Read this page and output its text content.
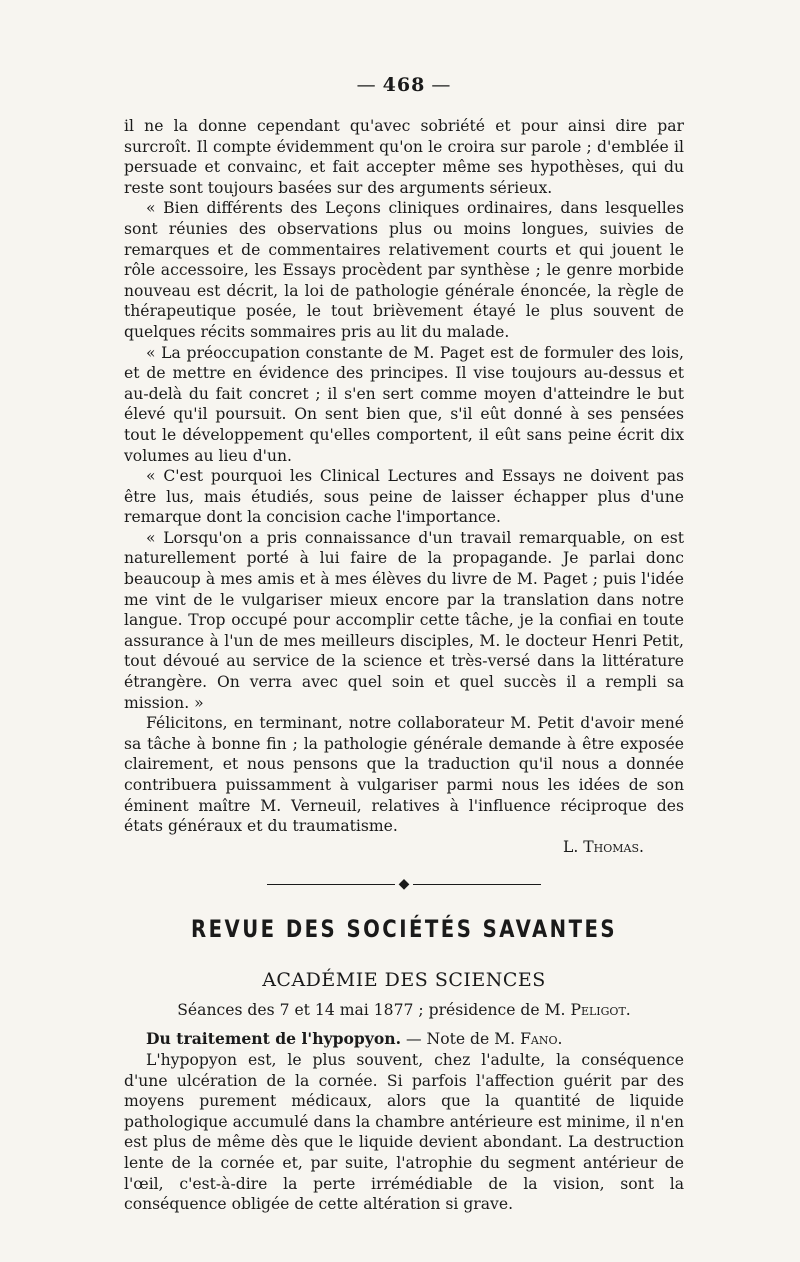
— 468 —

il ne la donne cependant qu'avec sobriété et pour ainsi dire par surcroît. Il compte évidemment qu'on le croira sur parole ; d'emblée il persuade et convainc, et fait accepter même ses hypothèses, qui du reste sont toujours basées sur des arguments sérieux.

« Bien différents des Leçons cliniques ordinaires, dans lesquelles sont réunies des observations plus ou moins longues, suivies de remarques et de commentaires relativement courts et qui jouent le rôle accessoire, les Essays procèdent par synthèse ; le genre morbide nouveau est décrit, la loi de pathologie générale énoncée, la règle de thérapeutique posée, le tout brièvement étayé le plus souvent de quelques récits sommaires pris au lit du malade.

« La préoccupation constante de M. Paget est de formuler des lois, et de mettre en évidence des principes. Il vise toujours au-dessus et au-delà du fait concret ; il s'en sert comme moyen d'atteindre le but élevé qu'il poursuit. On sent bien que, s'il eût donné à ses pensées tout le développement qu'elles comportent, il eût sans peine écrit dix volumes au lieu d'un.

« C'est pourquoi les Clinical Lectures and Essays ne doivent pas être lus, mais étudiés, sous peine de laisser échapper plus d'une remarque dont la concision cache l'importance.

« Lorsqu'on a pris connaissance d'un travail remarquable, on est naturellement porté à lui faire de la propagande. Je parlai donc beaucoup à mes amis et à mes élèves du livre de M. Paget ; puis l'idée me vint de le vulgariser mieux encore par la translation dans notre langue. Trop occupé pour accomplir cette tâche, je la confiai en toute assurance à l'un de mes meilleurs disciples, M. le docteur Henri Petit, tout dévoué au service de la science et très-versé dans la littérature étrangère. On verra avec quel soin et quel succès il a rempli sa mission. »

Félicitons, en terminant, notre collaborateur M. Petit d'avoir mené sa tâche à bonne fin ; la pathologie générale demande à être exposée clairement, et nous pensons que la traduction qu'il nous a donnée contribuera puissamment à vulgariser parmi nous les idées de son éminent maître M. Verneuil, relatives à l'influence réciproque des états généraux et du traumatisme.

L. Thomas.
◆
REVUE DES SOCIÉTÉS SAVANTES
ACADÉMIE DES SCIENCES
Séances des 7 et 14 mai 1877 ; présidence de M. Peligot.

Du traitement de l'hypopyon. — Note de M. Fano.

L'hypopyon est, le plus souvent, chez l'adulte, la conséquence d'une ulcération de la cornée. Si parfois l'affection guérit par des moyens purement médicaux, alors que la quantité de liquide pathologique accumulé dans la chambre antérieure est minime, il n'en est plus de même dès que le liquide devient abondant. La destruction lente de la cornée et, par suite, l'atrophie du segment antérieur de l'œil, c'est-à-dire la perte irrémédiable de la vision, sont la conséquence obligée de cette altération si grave.
